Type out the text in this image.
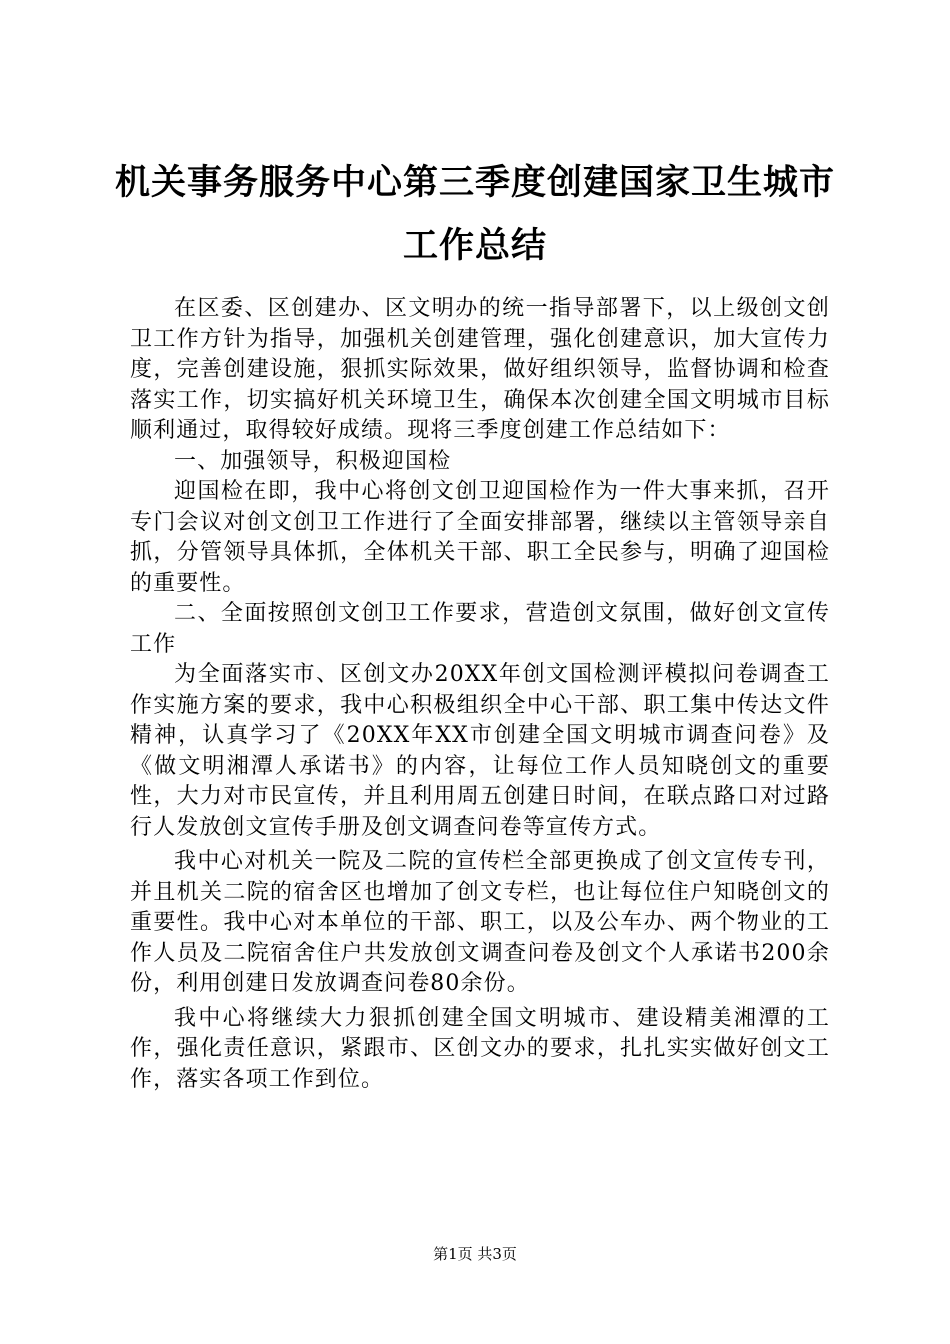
机关事务服务中心第三季度创建国家卫生城市
工作总结

在区委、区创建办、区文明办的统一指导部署下，以上级创文创卫工作方针为指导，加强机关创建管理，强化创建意识，加大宣传力度，完善创建设施，狠抓实际效果，做好组织领导，监督协调和检查落实工作，切实搞好机关环境卫生，确保本次创建全国文明城市目标顺利通过，取得较好成绩。现将三季度创建工作总结如下：

一、加强领导，积极迎国检

迎国检在即，我中心将创文创卫迎国检作为一件大事来抓，召开专门会议对创文创卫工作进行了全面安排部署，继续以主管领导亲自抓，分管领导具体抓，全体机关干部、职工全民参与，明确了迎国检的重要性。

二、全面按照创文创卫工作要求，营造创文氛围，做好创文宣传工作

为全面落实市、区创文办20XX年创文国检测评模拟问卷调查工作实施方案的要求，我中心积极组织全中心干部、职工集中传达文件精神，认真学习了《20XX年XX市创建全国文明城市调查问卷》及《做文明湘潭人承诺书》的内容，让每位工作人员知晓创文的重要性，大力对市民宣传，并且利用周五创建日时间，在联点路口对过路行人发放创文宣传手册及创文调查问卷等宣传方式。

我中心对机关一院及二院的宣传栏全部更换成了创文宣传专刊，并且机关二院的宿舍区也增加了创文专栏，也让每位住户知晓创文的重要性。我中心对本单位的干部、职工，以及公车办、两个物业的工作人员及二院宿舍住户共发放创文调查问卷及创文个人承诺书200余份，利用创建日发放调查问卷80余份。

我中心将继续大力狠抓创建全国文明城市、建设精美湘潭的工作，强化责任意识，紧跟市、区创文办的要求，扎扎实实做好创文工作，落实各项工作到位。

第1页 共3页
